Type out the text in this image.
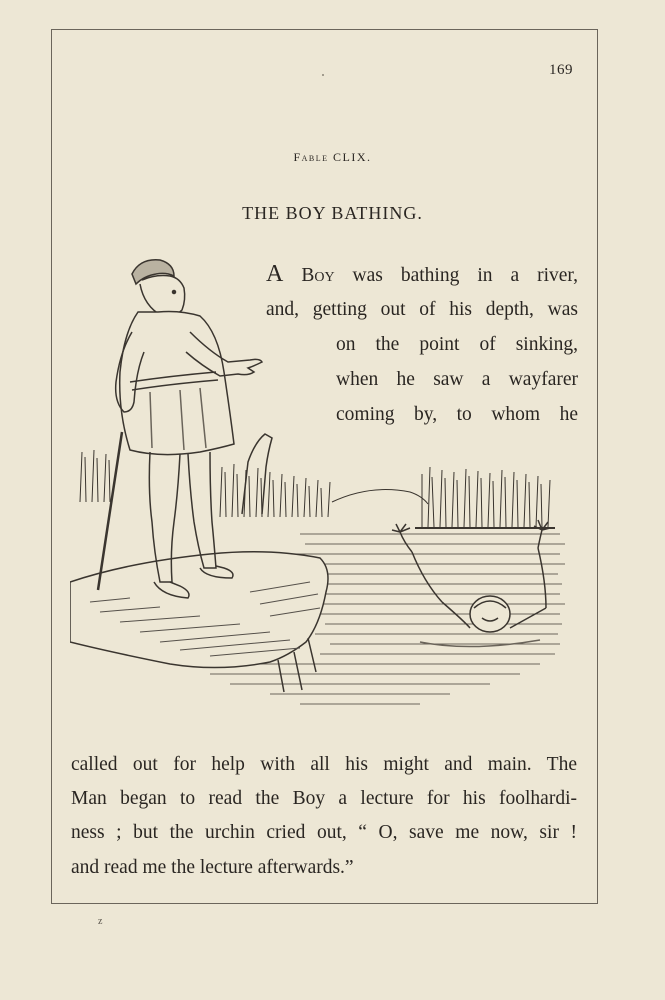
169
Fable CLIX.
THE BOY BATHING.
A Boy was bathing in a river,
and, getting out of his depth, was
on the point of sinking,
when he saw a wayfarer
coming by, to whom he
called out for help with all his might and main. The
Man began to read the Boy a lecture for his foolhardi-
ness ; but the urchin cried out, “ O, save me now, sir !
and read me the lecture afterwards.”
z
